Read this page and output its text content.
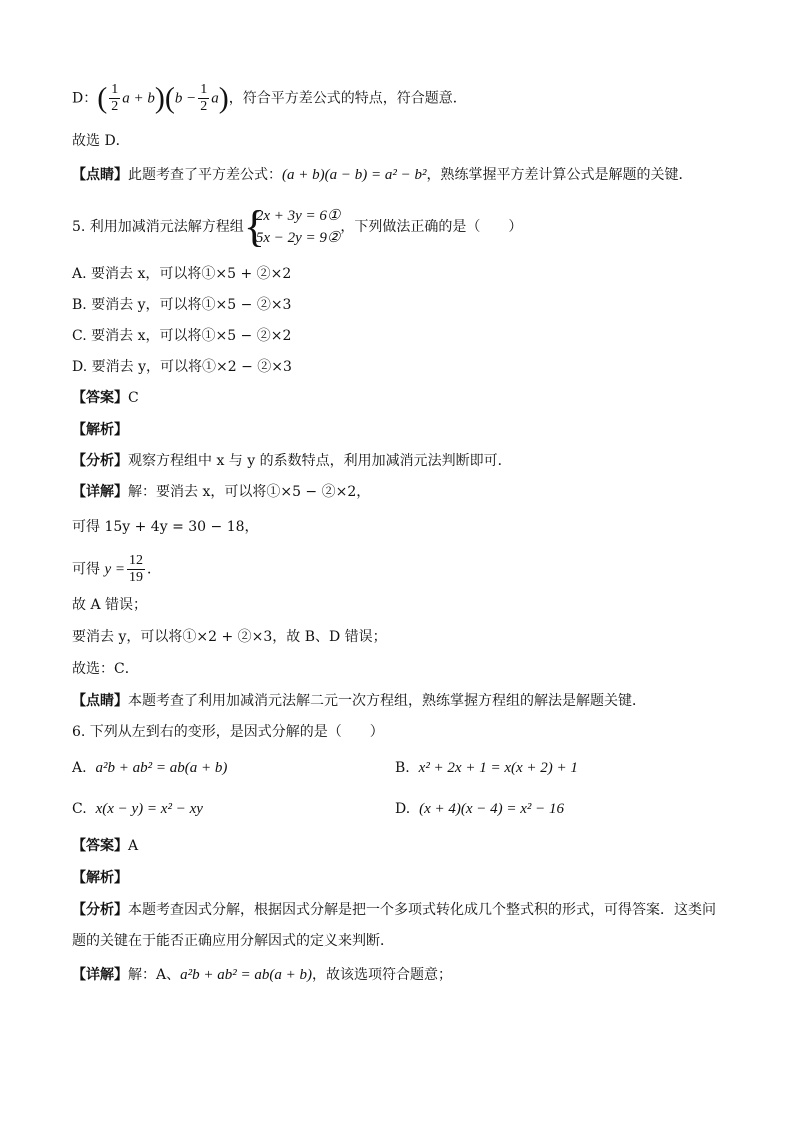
D：( $\frac{1}{2}$ $a + b)(b - \frac{1}{2} a)$，符合平方差公式的特点，符合题意．
故选 D．
【点睛】此题考查了平方差公式：(a + b)(a − b) = a² − b²，熟练掌握平方差计算公式是解题的关键．
5. 利用加减消元法解方程组 {
2x + 3y = 6①
5x − 2y = 9②
，下列做法正确的是（　　）
A. 要消去 x，可以将①×5 + ②×2
B. 要消去 y，可以将①×5 − ②×3
C. 要消去 x，可以将①×5 − ②×2
D. 要消去 y，可以将①×2 − ②×3
【答案】C
【解析】
【分析】观察方程组中 x 与 y 的系数特点，利用加减消元法判断即可．
【详解】解：要消去 x，可以将①×5 − ②×2，
可得 15y + 4y = 30 − 18，
可得 $y = \frac{12}{19}$ ．
故 A 错误；
要消去 y，可以将①×2 + ②×3，故 B、D 错误；
故选：C．
【点睛】本题考查了利用加减消元法解二元一次方程组，熟练掌握方程组的解法是解题关键．
6. 下列从左到右的变形，是因式分解的是（　　）
A. a²b + ab² = ab(a + b)	B. x² + 2x + 1 = x(x + 2) + 1
C. x(x − y) = x² − xy	D. (x + 4)(x − 4) = x² − 16
【答案】A
【解析】
【分析】本题考查因式分解，根据因式分解是把一个多项式转化成几个整式积的形式，可得答案．这类问
题的关键在于能否正确应用分解因式的定义来判断．
【详解】解：A、a²b + ab² = ab(a + b)，故该选项符合题意；
